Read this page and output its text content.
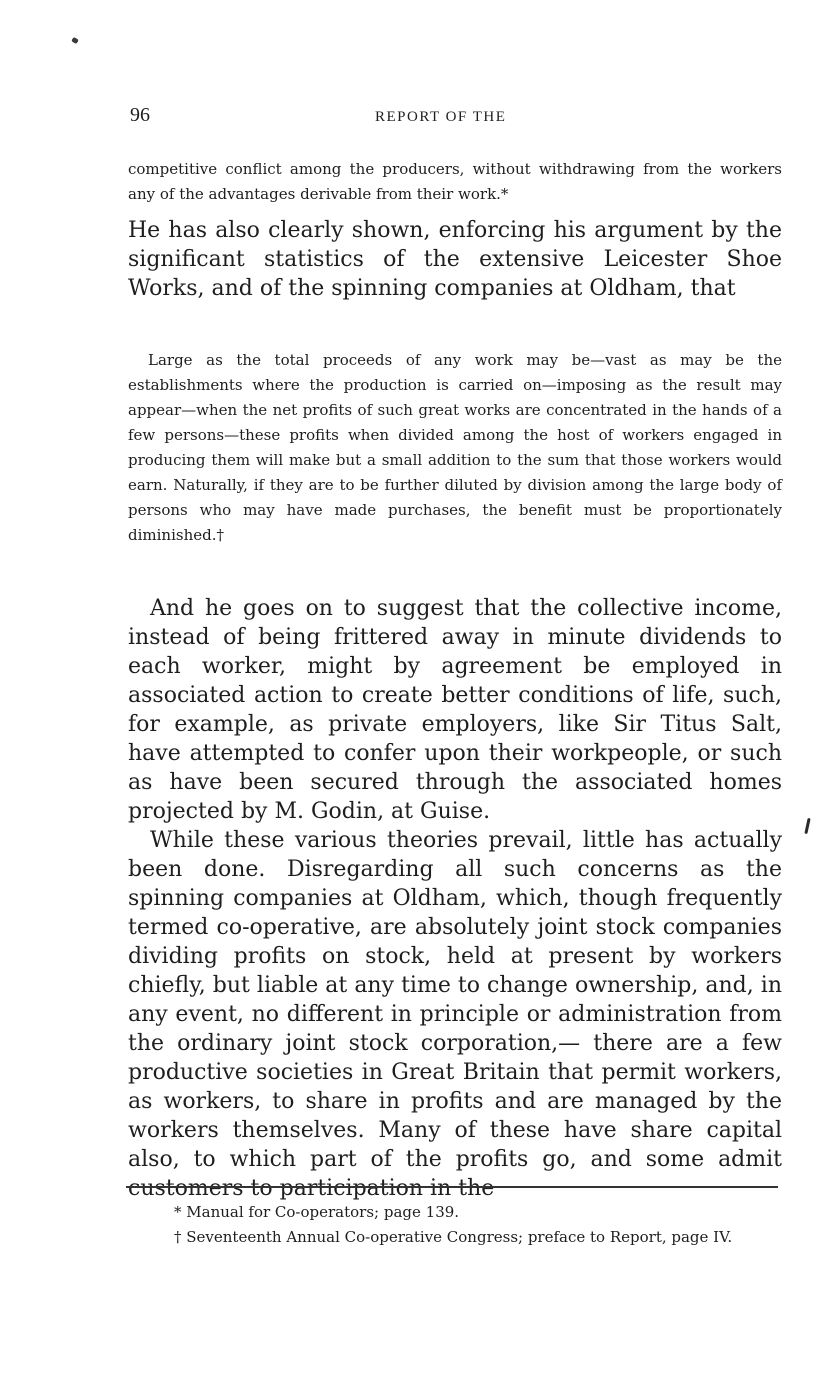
96	REPORT OF THE

competitive conflict among the producers, without withdrawing from the workers any of the advantages derivable from their work.*

He has also clearly shown, enforcing his argument by the significant statistics of the extensive Leicester Shoe Works, and of the spinning companies at Oldham, that

Large as the total proceeds of any work may be—vast as may be the establishments where the production is carried on—imposing as the result may appear—when the net profits of such great works are concentrated in the hands of a few persons—these profits when divided among the host of workers engaged in producing them will make but a small addition to the sum that those workers would earn. Naturally, if they are to be further diluted by division among the large body of persons who may have made purchases, the benefit must be proportionately diminished.†

And he goes on to suggest that the collective income, instead of being frittered away in minute dividends to each worker, might by agreement be employed in associated action to create better conditions of life, such, for example, as private employers, like Sir Titus Salt, have attempted to confer upon their workpeople, or such as have been secured through the associated homes projected by M. Godin, at Guise.

While these various theories prevail, little has actually been done. Disregarding all such concerns as the spinning companies at Oldham, which, though frequently termed co-operative, are absolutely joint stock companies dividing profits on stock, held at present by workers chiefly, but liable at any time to change ownership, and, in any event, no different in principle or administration from the ordinary joint stock corporation,— there are a few productive societies in Great Britain that permit workers, as workers, to share in profits and are managed by the workers themselves. Many of these have share capital also, to which part of the profits go, and some admit customers to participation in the

* Manual for Co-operators; page 139.

† Seventeenth Annual Co-operative Congress; preface to Report, page IV.
